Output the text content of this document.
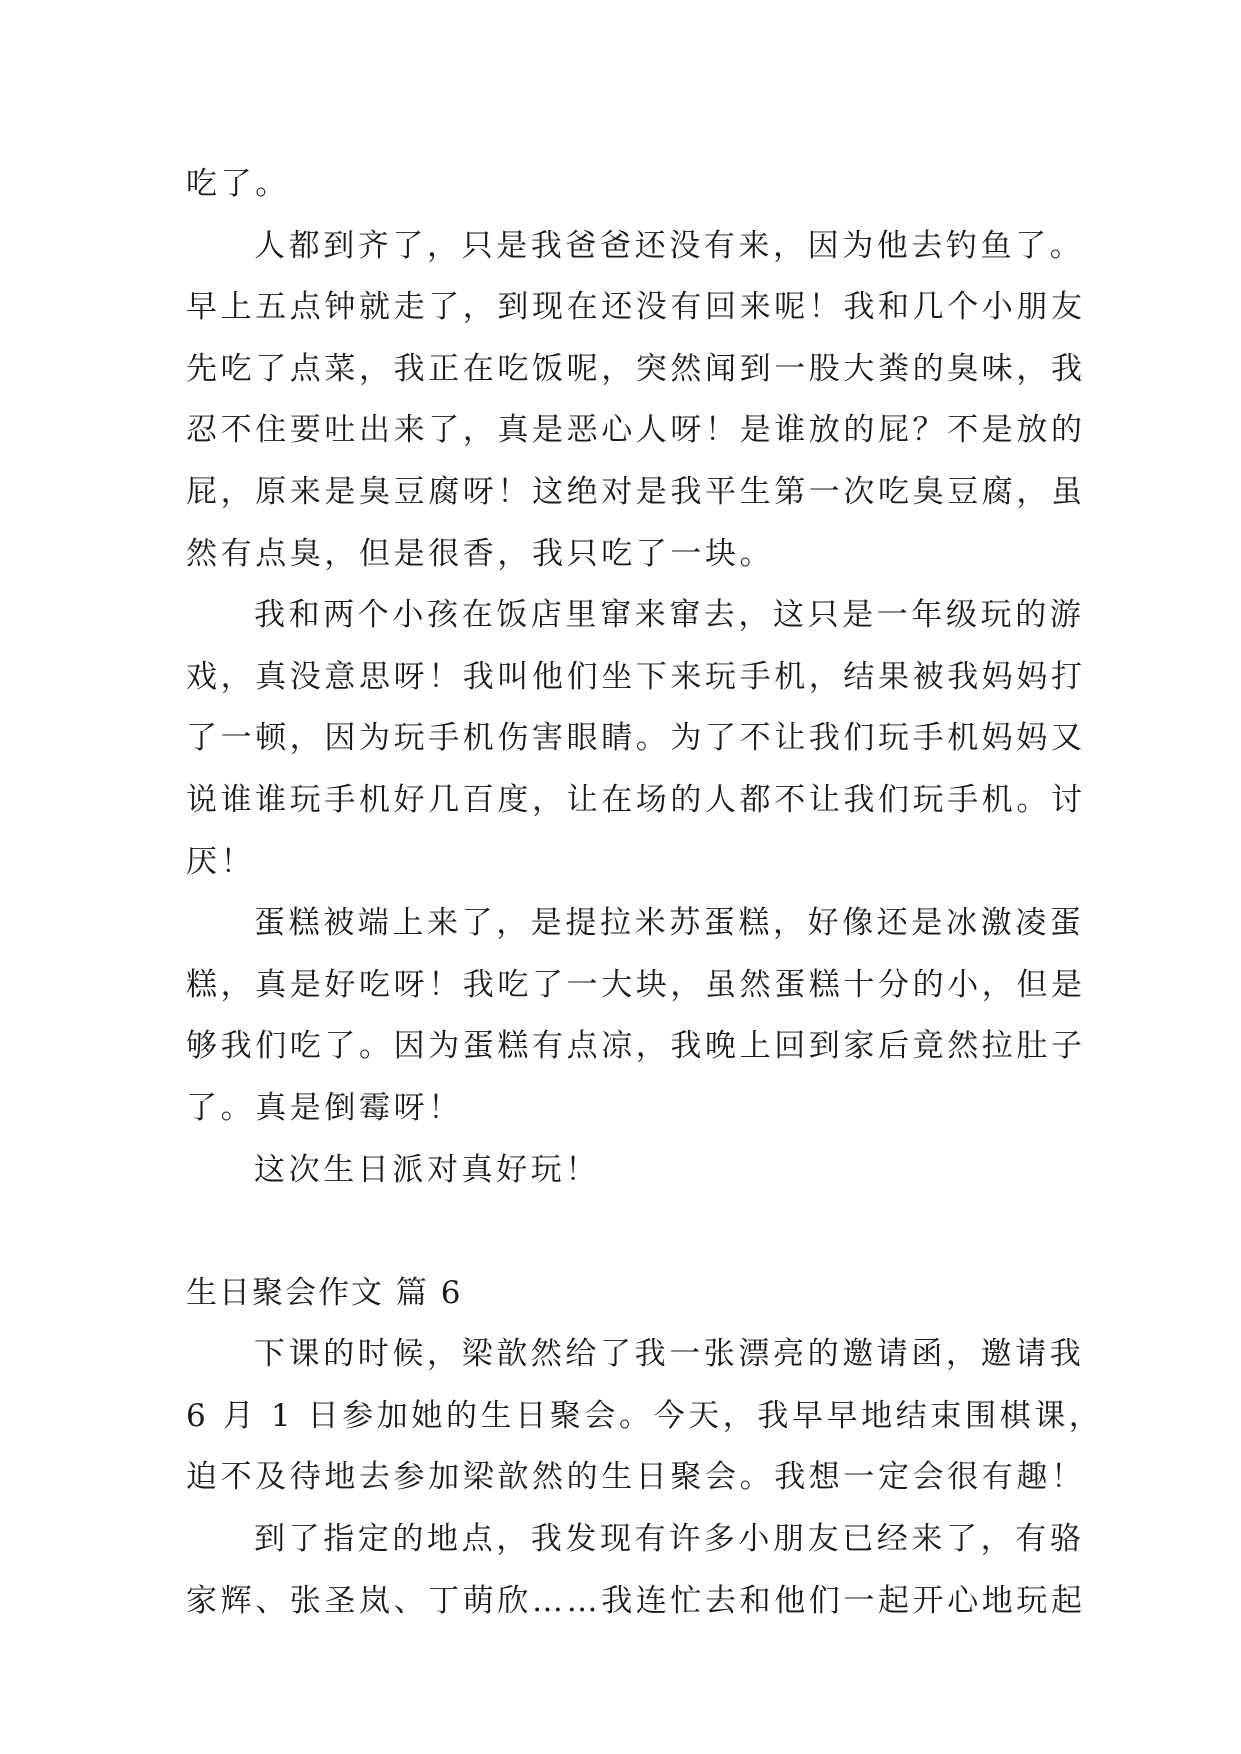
吃了。
人都到齐了，只是我爸爸还没有来，因为他去钓鱼了。
早上五点钟就走了，到现在还没有回来呢！我和几个小朋友
先吃了点菜，我正在吃饭呢，突然闻到一股大粪的臭味，我
忍不住要吐出来了，真是恶心人呀！是谁放的屁？不是放的
屁，原来是臭豆腐呀！这绝对是我平生第一次吃臭豆腐，虽
然有点臭，但是很香，我只吃了一块。
我和两个小孩在饭店里窜来窜去，这只是一年级玩的游
戏，真没意思呀！我叫他们坐下来玩手机，结果被我妈妈打
了一顿，因为玩手机伤害眼睛。为了不让我们玩手机妈妈又
说谁谁玩手机好几百度，让在场的人都不让我们玩手机。讨
厌！
蛋糕被端上来了，是提拉米苏蛋糕，好像还是冰激凌蛋
糕，真是好吃呀！我吃了一大块，虽然蛋糕十分的小，但是
够我们吃了。因为蛋糕有点凉，我晚上回到家后竟然拉肚子
了。真是倒霉呀！
这次生日派对真好玩！
生日聚会作文 篇 6
下课的时候，梁歆然给了我一张漂亮的邀请函，邀请我
6 月 1 日参加她的生日聚会。今天，我早早地结束围棋课，
迫不及待地去参加梁歆然的生日聚会。我想一定会很有趣！
到了指定的地点，我发现有许多小朋友已经来了，有骆
家辉、张圣岚、丁萌欣……我连忙去和他们一起开心地玩起
